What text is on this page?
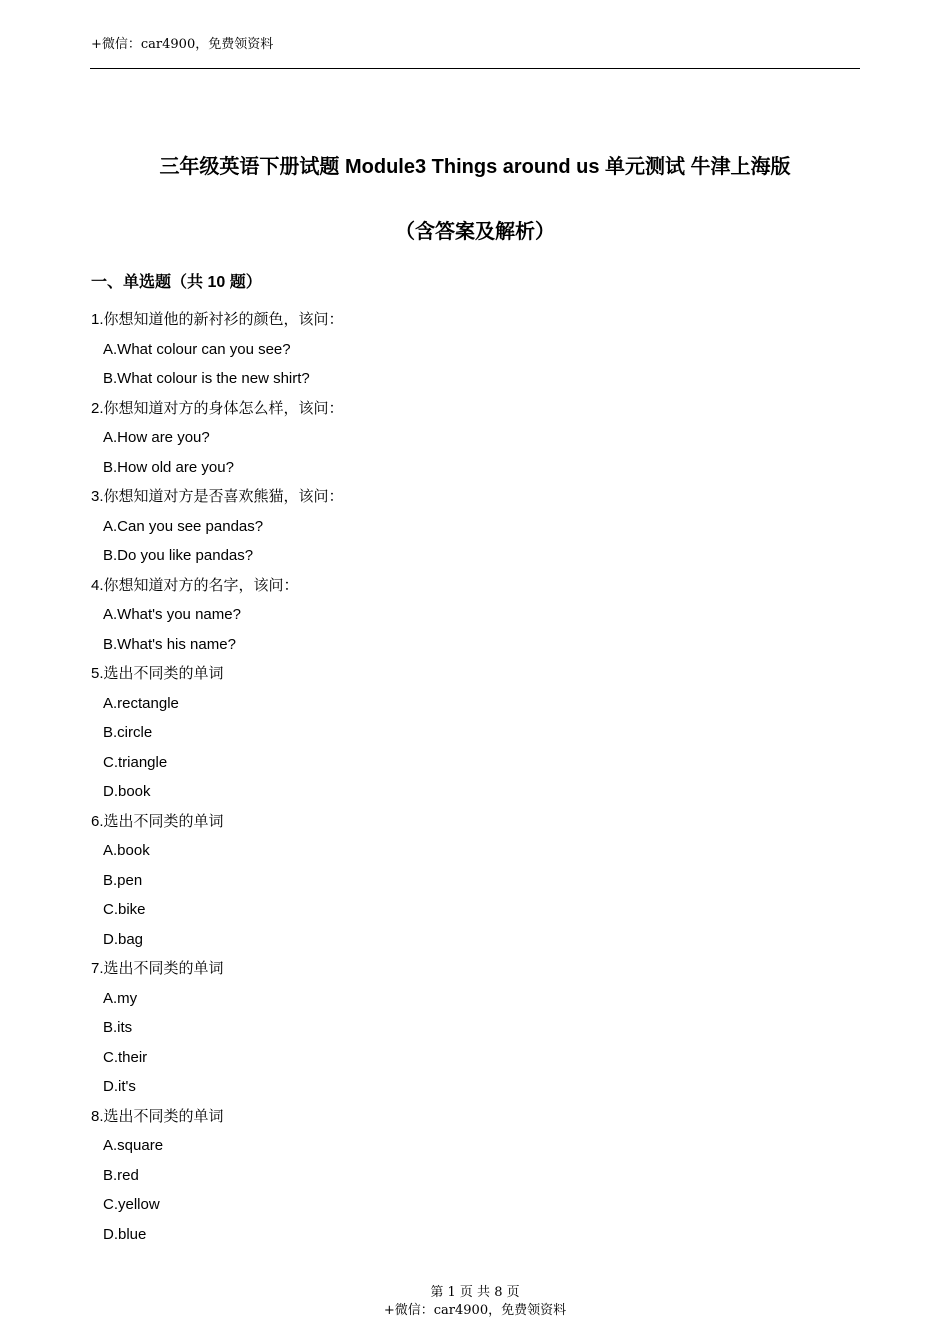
+微信：car4900，免费领资料
三年级英语下册试题 Module3 Things around us 单元测试 牛津上海版
（含答案及解析）
一、单选题（共 10 题）
1.你想知道他的新衬衫的颜色，该问：
A.What colour can you see?
B.What colour is the new shirt?
2.你想知道对方的身体怎么样，该问：
A.How are you?
B.How old are you?
3.你想知道对方是否喜欢熊猫，该问：
A.Can you see pandas?
B.Do you like pandas?
4.你想知道对方的名字，该问：
A.What's you name?
B.What's his name?
5.选出不同类的单词
A.rectangle
B.circle
C.triangle
D.book
6.选出不同类的单词
A.book
B.pen
C.bike
D.bag
7.选出不同类的单词
A.my
B.its
C.their
D.it's
8.选出不同类的单词
A.square
B.red
C.yellow
D.blue
第 1 页 共 8 页
+微信：car4900，免费领资料
